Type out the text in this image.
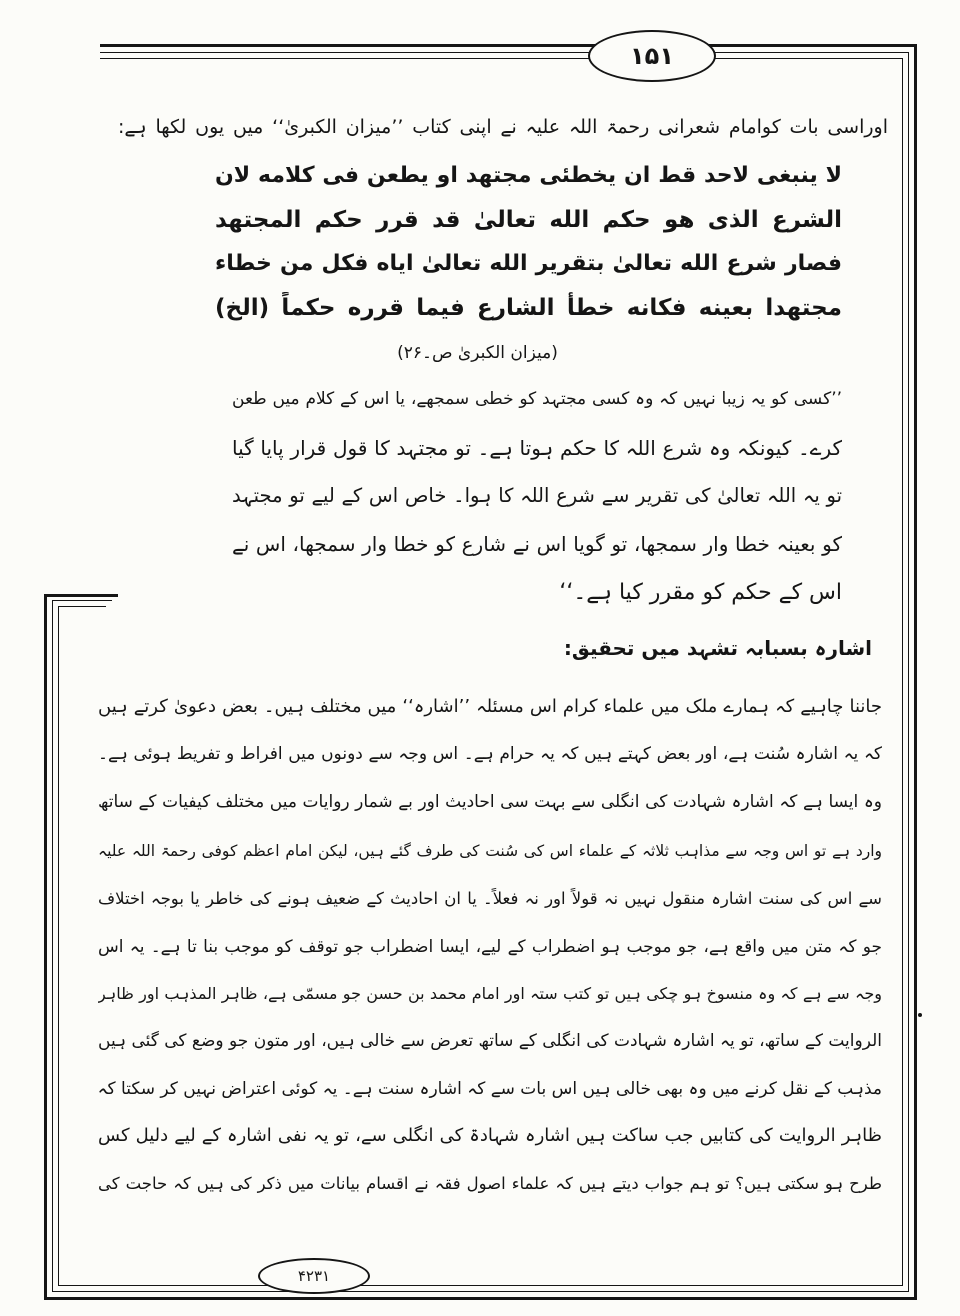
۱۵۱
۴۲۳۱
اوراسی بات کوامام شعرانی رحمۃ اللہ علیہ نے اپنی کتاب ’’میزان الکبریٰ‘‘ میں یوں لکھا ہے:
لا ينبغى لاحد قط ان يخطئى مجتهد او يطعن فى كلامه لان
الشرع الذى هو حكم الله تعالىٰ قد قرر حكم المجتهد
فصار شرع الله تعالىٰ بتقرير الله تعالىٰ اياه فكل من خطاء
مجتهدا بعينه فكانه خطأ الشارع فيما قرره حكماً (الخ)
(میزان الکبریٰ ص۔۲۶)
’’کسی کو یہ زیبا نہیں کہ وہ کسی مجتہد کو خطی سمجھے، یا اس کے کلام میں طعن
کرے۔ کیونکہ وہ شرع اللہ کا حکم ہوتا ہے۔ تو مجتہد کا قول قرار پایا گیا
تو یہ اللہ تعالیٰ کی تقریر سے شرع اللہ کا ہوا۔ خاص اس کے لیے تو مجتہد
کو بعینہ خطا وار سمجھا، تو گویا اس نے شارع کو خطا وار سمجھا، اس نے
اس کے حکم کو مقرر کیا ہے۔‘‘
اشارہ بسبابہ تشہد میں تحقیق:
جاننا چاہیے کہ ہمارے ملک میں علماء کرام اس مسئلہ ’’اشارہ‘‘ میں مختلف ہیں۔ بعض دعویٰ کرتے ہیں
کہ یہ اشارہ سُنت ہے، اور بعض کہتے ہیں کہ یہ حرام ہے۔ اس وجہ سے دونوں میں افراط و تفریط ہوئی ہے۔
وہ ایسا ہے کہ اشارہ شہادت کی انگلی سے بہت سی احادیث اور بے شمار روایات میں مختلف کیفیات کے ساتھ
وارد ہے تو اس وجہ سے مذاہب ثلاثہ کے علماء اس کی سُنت کی طرف گئے ہیں، لیکن امام اعظم کوفی رحمۃ اللہ علیہ
سے اس کی سنت اشارہ منقول نہیں نہ قولاً اور نہ فعلاً۔ یا ان احادیث کے ضعیف ہونے کی خاطر یا بوجہ اختلاف
جو کہ متن میں واقع ہے، جو موجب ہو اضطراب کے لیے، ایسا اضطراب جو توقف کو موجب بنا تا ہے۔ یہ اس
وجہ سے ہے کہ وہ منسوخ ہو چکی ہیں تو کتب ستہ اور امام محمد بن حسن جو مسمّی ہے، ظاہر المذہب اور ظاہر
الروایت کے ساتھ، تو یہ اشارہ شہادت کی انگلی کے ساتھ تعرض سے خالی ہیں، اور متون جو وضع کی گئی ہیں
مذہب کے نقل کرنے میں وہ بھی خالی ہیں اس بات سے کہ اشارہ سنت ہے۔ یہ کوئی اعتراض نہیں کر سکتا کہ
ظاہر الروایت کی کتابیں جب ساکت ہیں اشارہ شہادۃ کی انگلی سے، تو یہ نفی اشارہ کے لیے دلیل کس
طرح ہو سکتی ہیں؟ تو ہم جواب دیتے ہیں کہ علماء اصول فقہ نے اقسام بیانات میں ذکر کی ہیں کہ حاجت کی
